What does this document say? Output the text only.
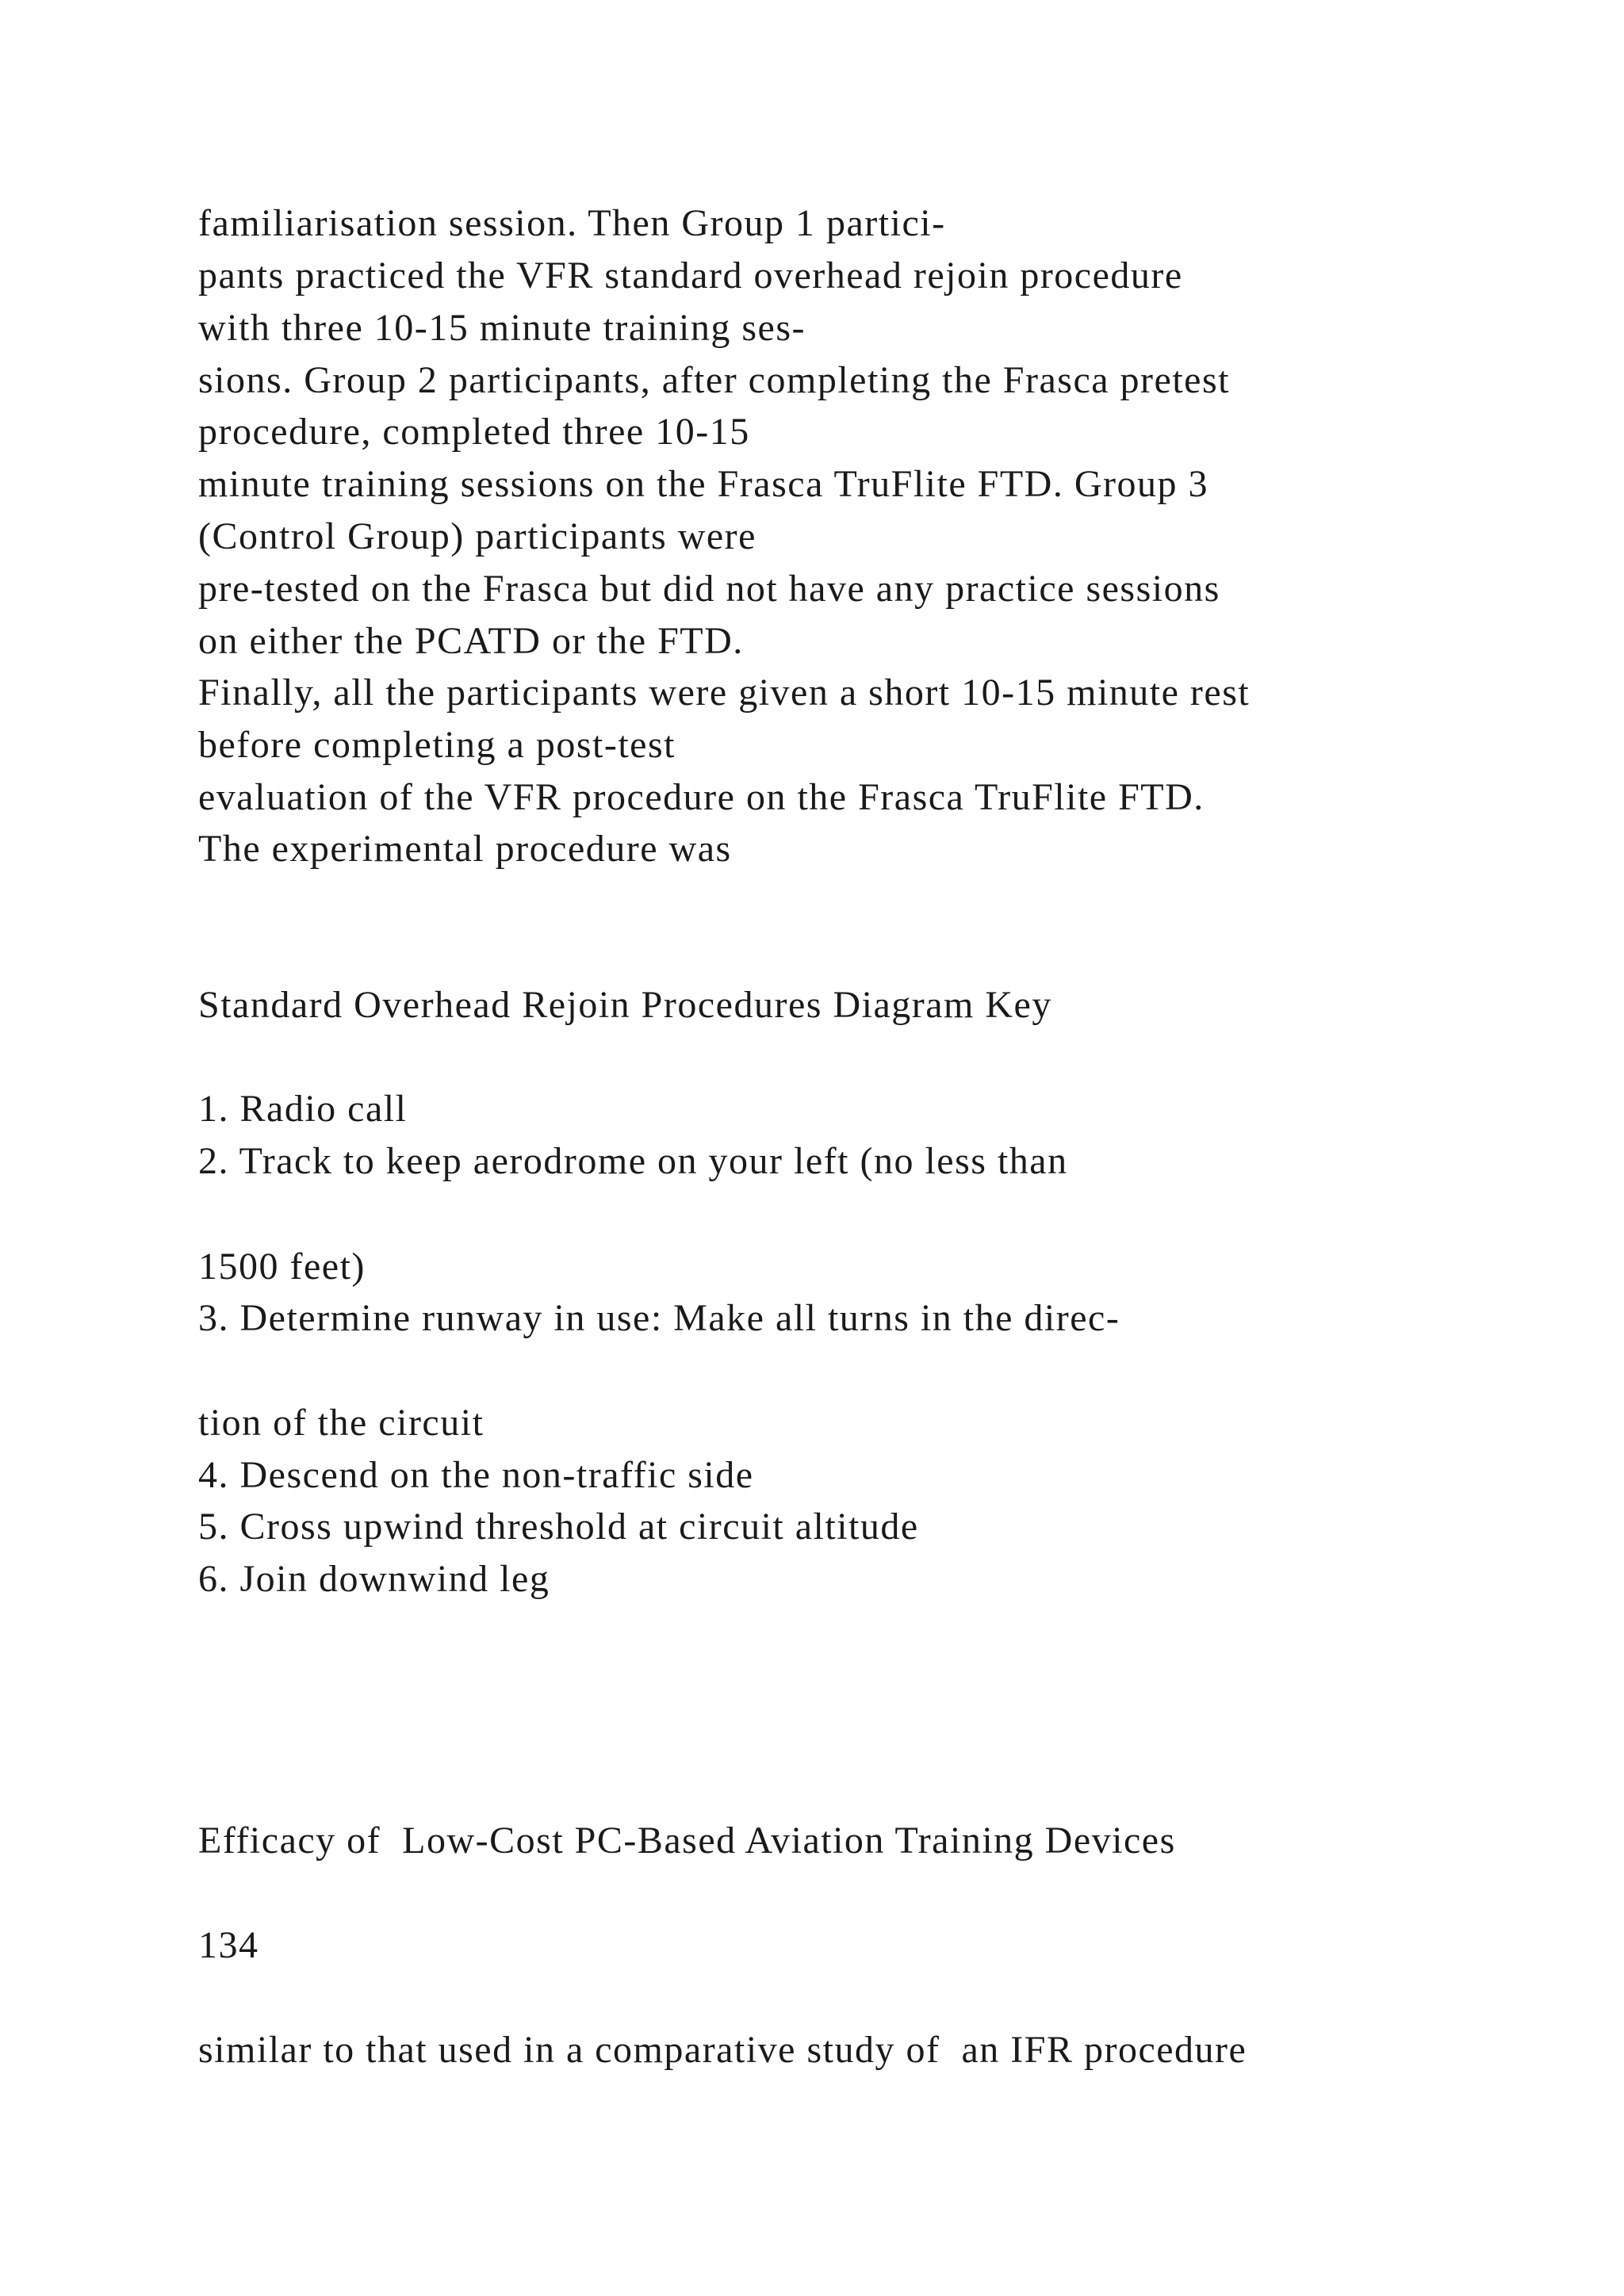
familiarisation session. Then Group 1 partici-
pants practiced the VFR standard overhead rejoin procedure
with three 10-15 minute training ses-
sions. Group 2 participants, after completing the Frasca pretest
procedure, completed three 10-15
minute training sessions on the Frasca TruFlite FTD. Group 3
(Control Group) participants were
pre-tested on the Frasca but did not have any practice sessions
on either the PCATD or the FTD.
Finally, all the participants were given a short 10-15 minute rest
before completing a post-test
evaluation of the VFR procedure on the Frasca TruFlite FTD.
The experimental procedure was
Standard Overhead Rejoin Procedures Diagram Key
1. Radio call
2. Track to keep aerodrome on your left (no less than
1500 feet)
3. Determine runway in use: Make all turns in the direc-
tion of the circuit
4. Descend on the non-traffic side
5. Cross upwind threshold at circuit altitude
6. Join downwind leg
Efficacy of  Low-Cost PC-Based Aviation Training Devices
134
similar to that used in a comparative study of  an IFR procedure
